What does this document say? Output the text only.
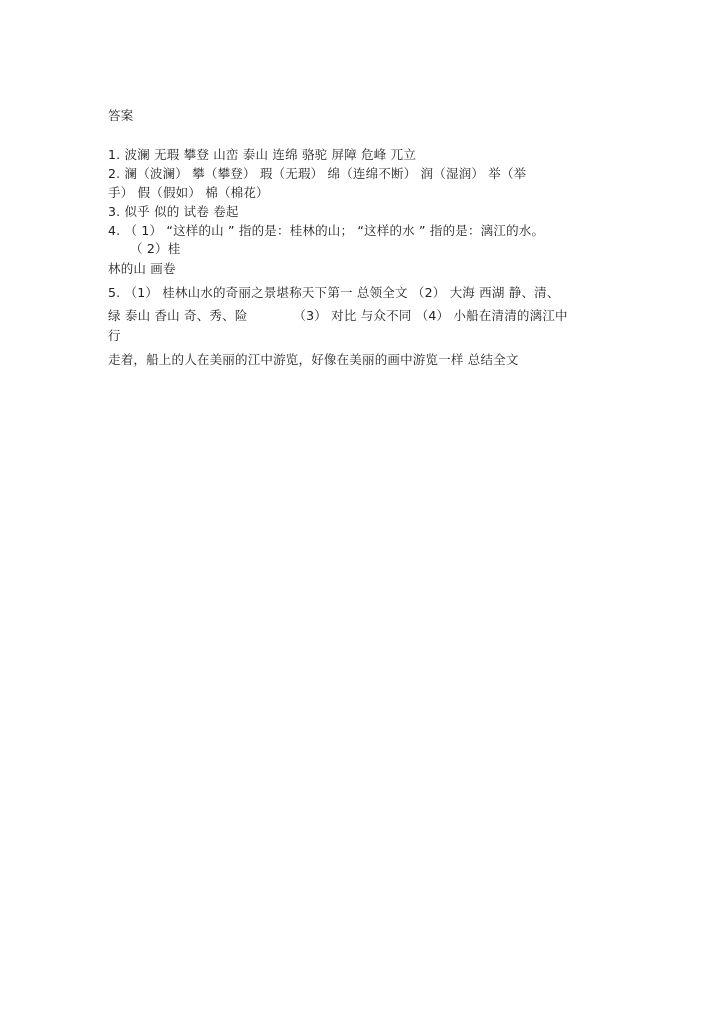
答案
1. 波澜 无瑕 攀登 山峦 泰山 连绵 骆驼 屏障 危峰 兀立
2. 澜（波澜） 攀（攀登） 瑕（无瑕） 绵（连绵不断） 润（湿润） 举（举
手） 假（假如） 棉（棉花）
3. 似乎 似的 试卷 卷起
4. （ 1） “这样的山 ” 指的是：桂林的山； “这样的水 ” 指的是：漓江的水。
（ 2）桂
林的山 画卷
5. （1） 桂林山水的奇丽之景堪称天下第一 总领全文 （2） 大海 西湖 静、清、
绿 泰山 香山 奇、秀、险           （3） 对比 与众不同 （4） 小船在清清的漓江中
行
走着，船上的人在美丽的江中游览，好像在美丽的画中游览一样 总结全文
